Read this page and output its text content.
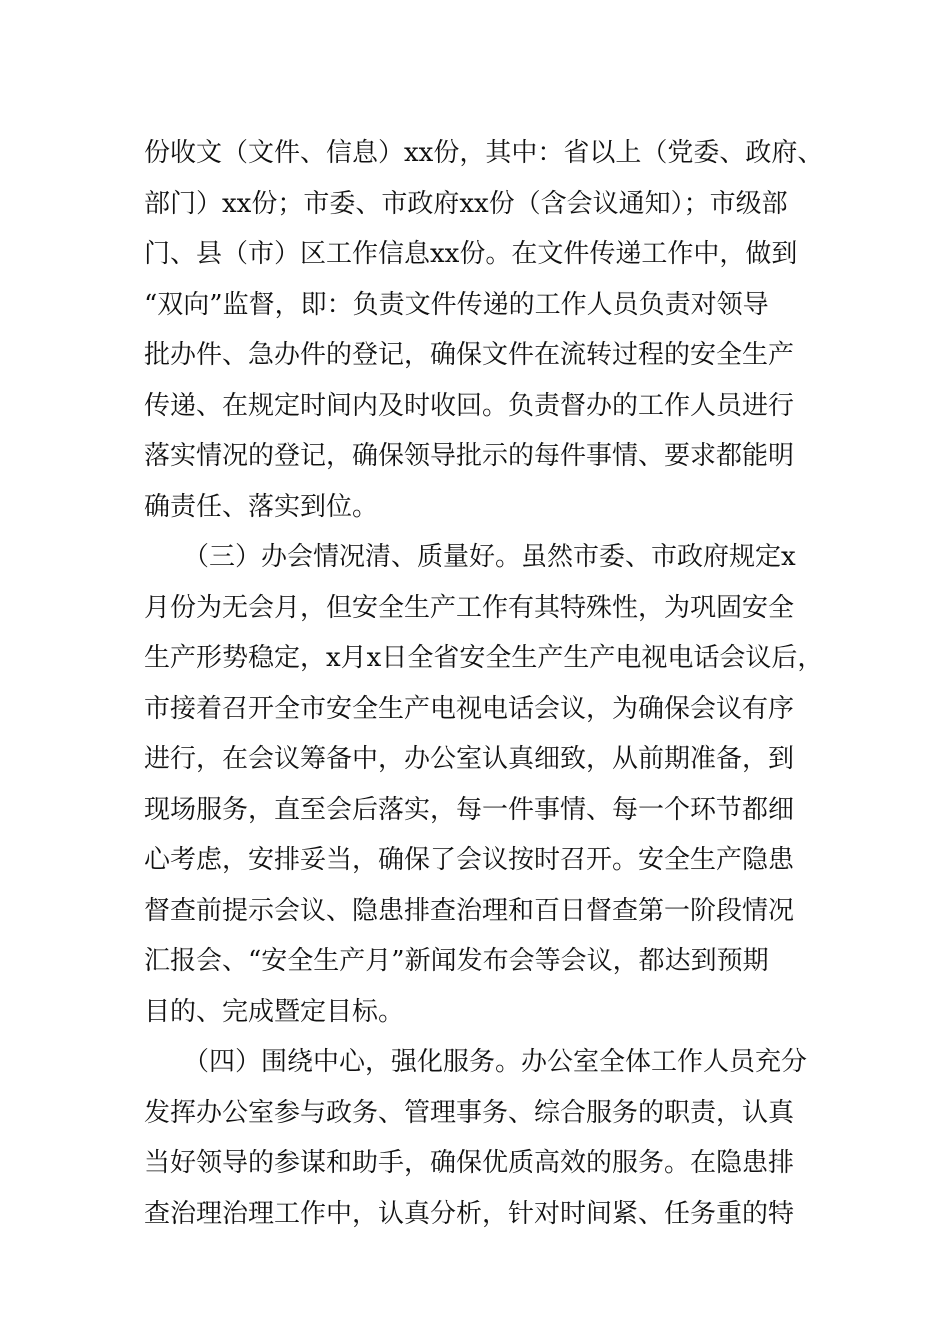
份收文（文件、信息）xx份，其中：省以上（党委、政府、
部门）xx份；市委、市政府xx份（含会议通知）；市级部
门、县（市）区工作信息xx份。在文件传递工作中，做到
“双向”监督，即：负责文件传递的工作人员负责对领导
批办件、急办件的登记，确保文件在流转过程的安全生产
传递、在规定时间内及时收回。负责督办的工作人员进行
落实情况的登记，确保领导批示的每件事情、要求都能明
确责任、落实到位。
　　（三）办会情况清、质量好。虽然市委、市政府规定x
月份为无会月，但安全生产工作有其特殊性，为巩固安全
生产形势稳定，x月x日全省安全生产生产电视电话会议后，
市接着召开全市安全生产电视电话会议，为确保会议有序
进行，在会议筹备中，办公室认真细致，从前期准备，到
现场服务，直至会后落实，每一件事情、每一个环节都细
心考虑，安排妥当，确保了会议按时召开。安全生产隐患
督查前提示会议、隐患排查治理和百日督查第一阶段情况
汇报会、“安全生产月”新闻发布会等会议，都达到预期
目的、完成暨定目标。
　　（四）围绕中心，强化服务。办公室全体工作人员充分
发挥办公室参与政务、管理事务、综合服务的职责，认真
当好领导的参谋和助手，确保优质高效的服务。在隐患排
查治理治理工作中，认真分析，针对时间紧、任务重的特
